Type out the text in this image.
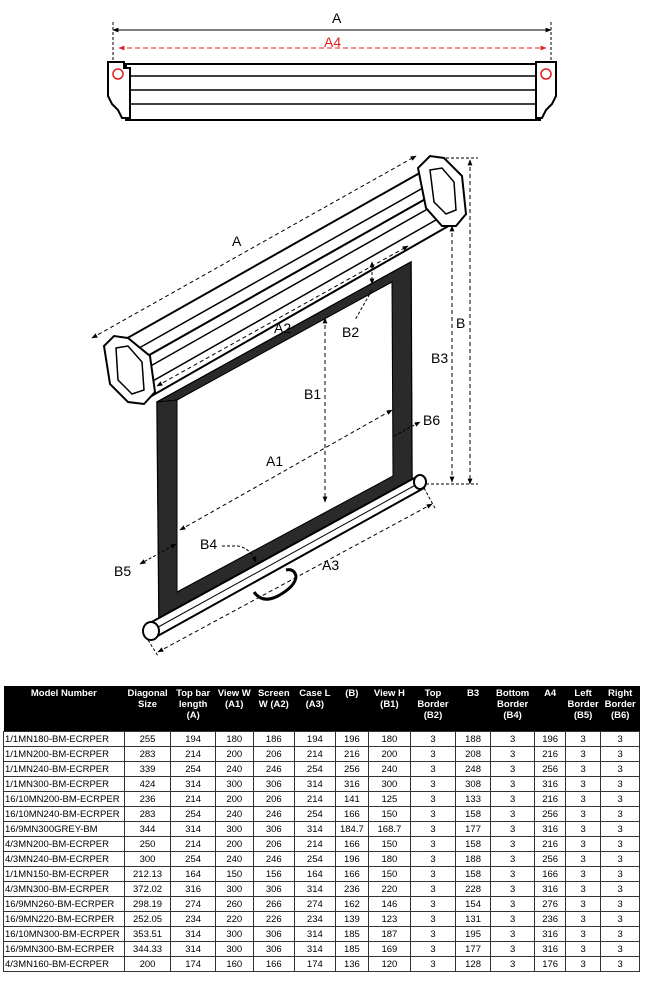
A
A4
A
A2	B
B3
B2
B1
B6
A1
B4
B5	A3
Model Number	Diagonal Size	Top bar length (A)	View W (A1)	Screen W (A2)	Case L (A3)	(B)	View H (B1)	Top Border (B2)	B3	Bottom Border (B4)	A4	Left Border (B5)	Right Border (B6)
1/1MN180-BM-ECRPER	255	194	180	186	194	196	180	3	188	3	196	3	3
1/1MN200-BM-ECRPER	283	214	200	206	214	216	200	3	208	3	216	3	3
1/1MN240-BM-ECRPER	339	254	240	246	254	256	240	3	248	3	256	3	3
1/1MN300-BM-ECRPER	424	314	300	306	314	316	300	3	308	3	316	3	3
16/10MN200-BM-ECRPER	236	214	200	206	214	141	125	3	133	3	216	3	3
16/10MN240-BM-ECRPER	283	254	240	246	254	166	150	3	158	3	256	3	3
16/9MN300GREY-BM	344	314	300	306	314	184.7	168.7	3	177	3	316	3	3
4/3MN200-BM-ECRPER	250	214	200	206	214	166	150	3	158	3	216	3	3
4/3MN240-BM-ECRPER	300	254	240	246	254	196	180	3	188	3	256	3	3
1/1MN150-BM-ECRPER	212.13	164	150	156	164	166	150	3	158	3	166	3	3
4/3MN300-BM-ECRPER	372.02	316	300	306	314	236	220	3	228	3	316	3	3
16/9MN260-BM-ECRPER	298.19	274	260	266	274	162	146	3	154	3	276	3	3
16/9MN220-BM-ECRPER	252.05	234	220	226	234	139	123	3	131	3	236	3	3
16/10MN300-BM-ECRPER	353.51	314	300	306	314	185	187	3	195	3	316	3	3
16/9MN300-BM-ECRPER	344.33	314	300	306	314	185	169	3	177	3	316	3	3
4/3MN160-BM-ECRPER	200	174	160	166	174	136	120	3	128	3	176	3	3
